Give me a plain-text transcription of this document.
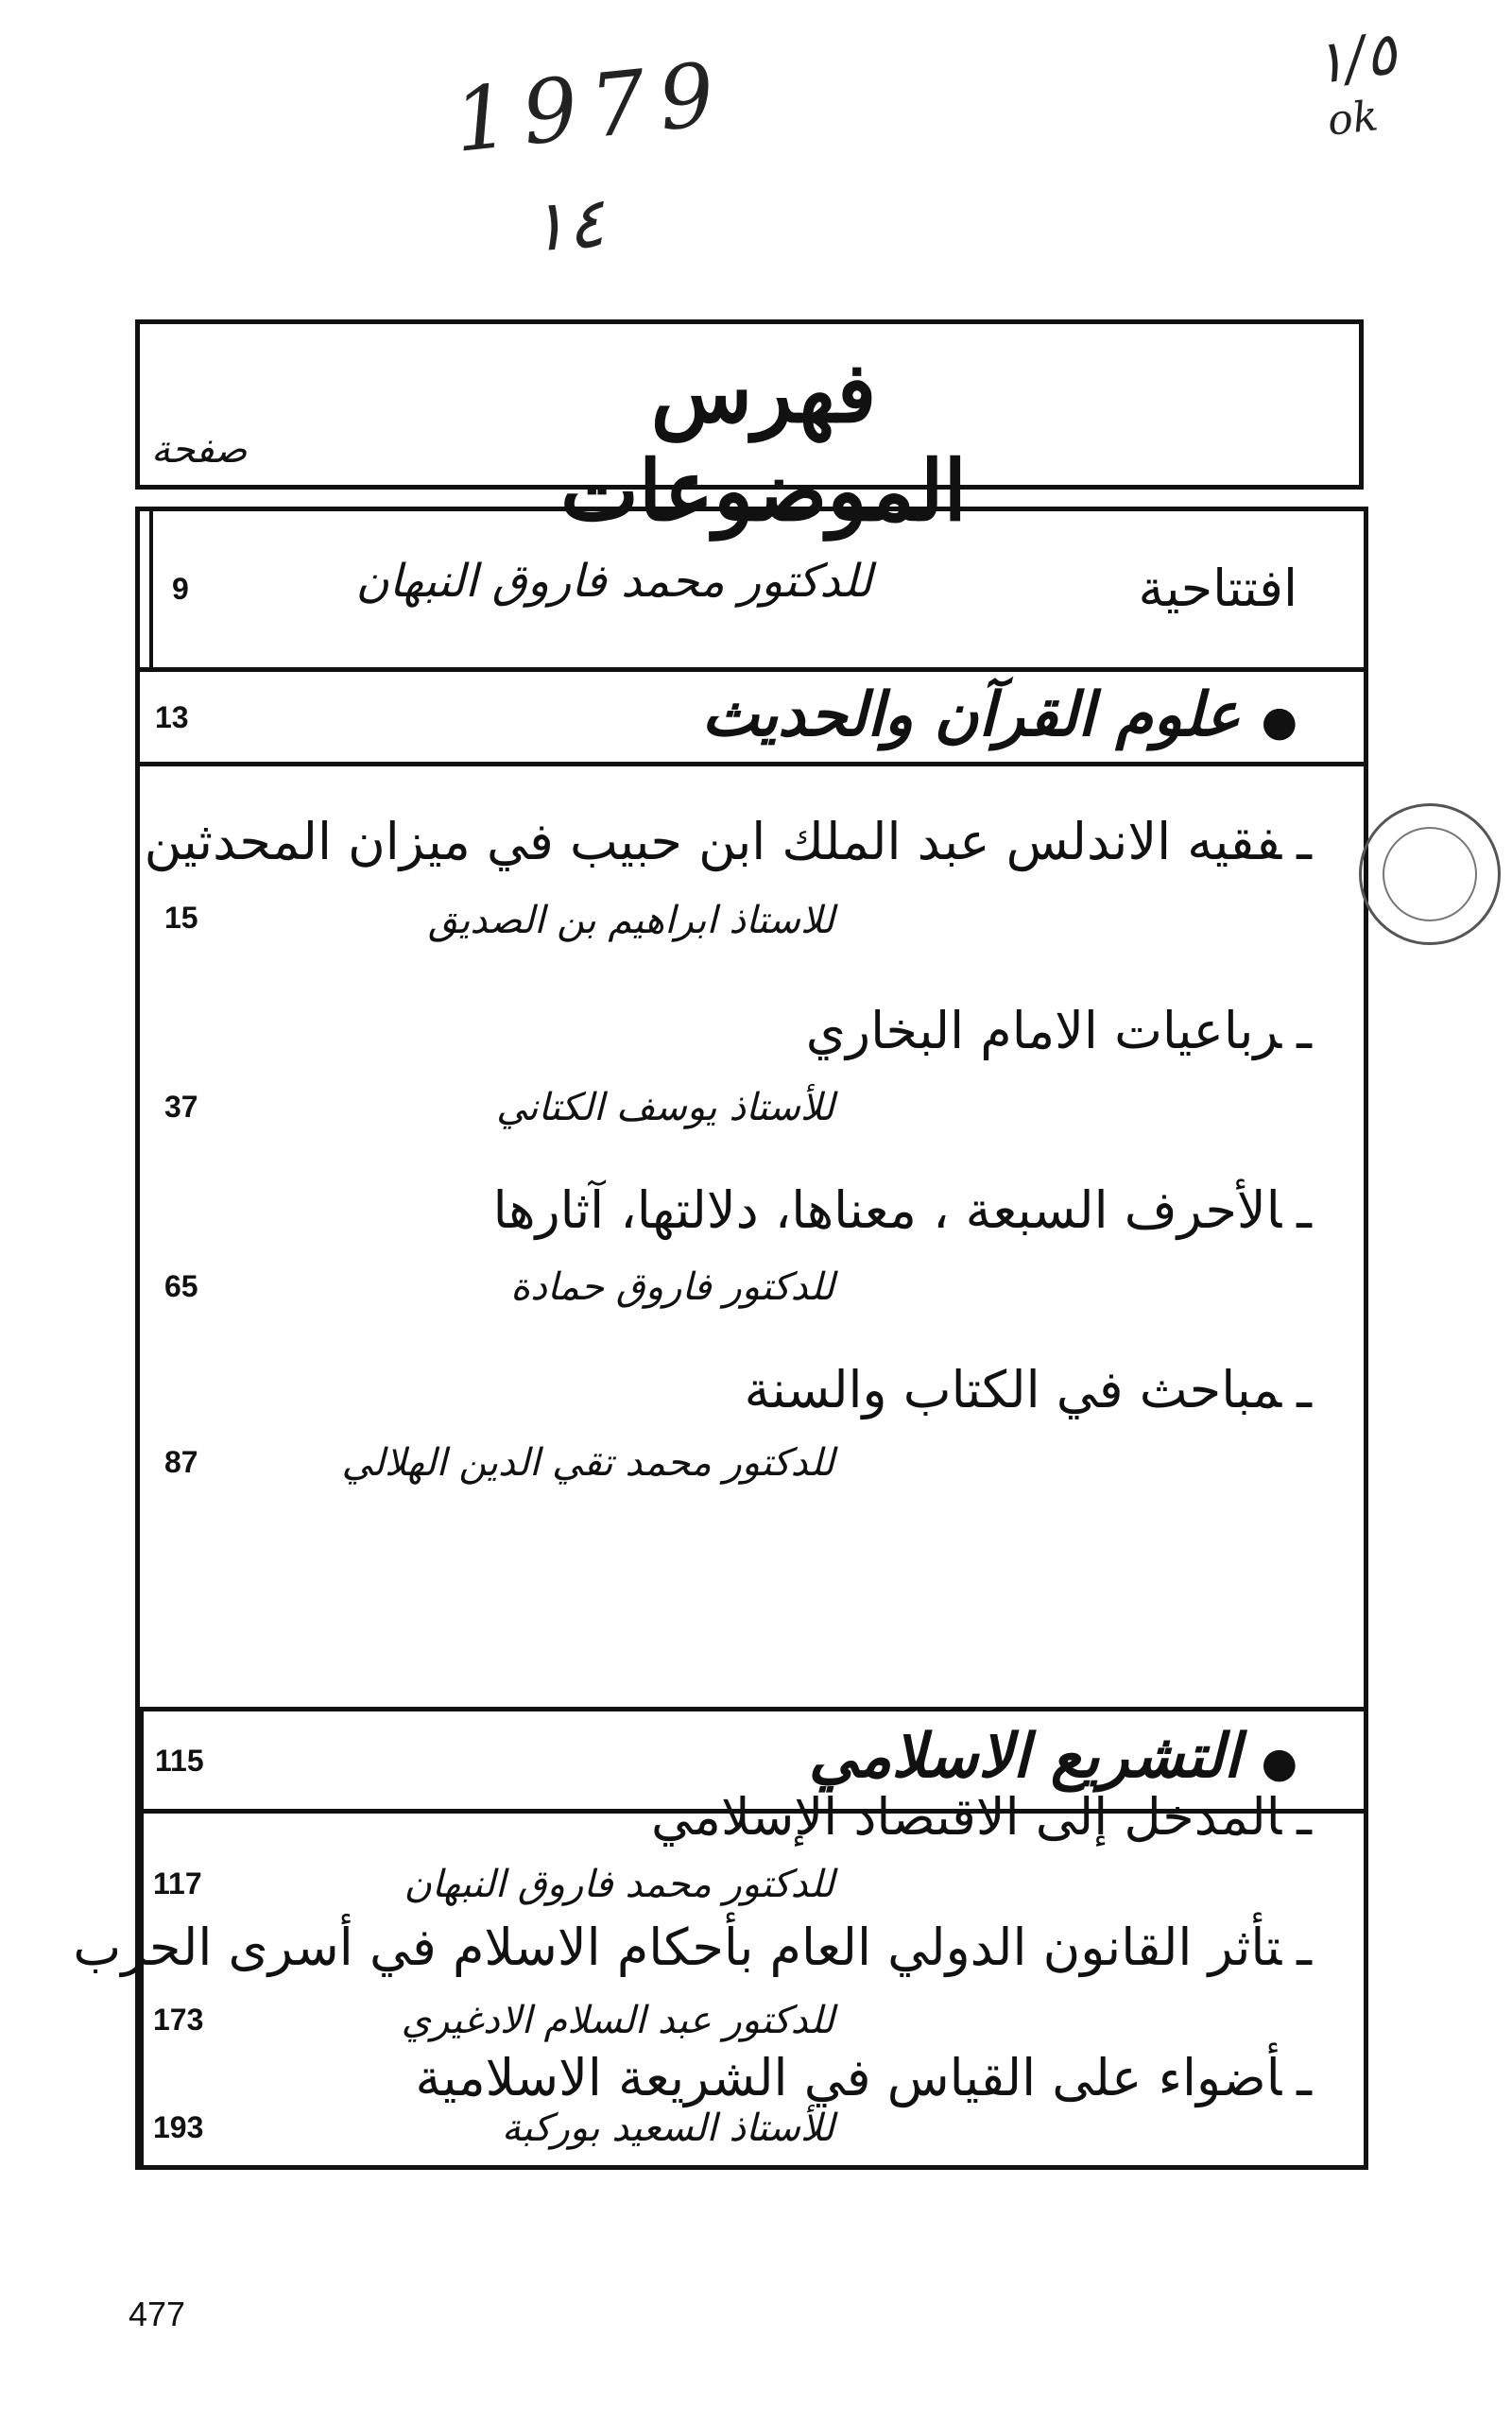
1979
١٤
١/٥
ok
فهرس الموضوعات
صفحة
9	افتتاحية
للدكتور محمد فاروق النبهان
13	●علوم القرآن والحديث
ـفقيه الاندلس عبد الملك ابن حبيب في ميزان المحدثين
15	للاستاذ ابراهيم بن الصديق
ـرباعيات الامام البخاري
37	للأستاذ يوسف الكتاني
ـالأحرف السبعة ، معناها، دلالتها، آثارها
65	للدكتور فاروق حمادة
ـمباحث في الكتاب والسنة
87	للدكتور محمد تقي الدين الهلالي
115	●التشريع الاسلامي
ـالمدخل إلى الاقتصاد الإسلامي
117	للدكتور محمد فاروق النبهان
ـتأثر القانون الدولي العام بأحكام الاسلام في أسرى الحرب
173	للدكتور عبد السلام الادغيري
ـأضواء على القياس في الشريعة الاسلامية
193	للأستاذ السعيد بوركبة
477
